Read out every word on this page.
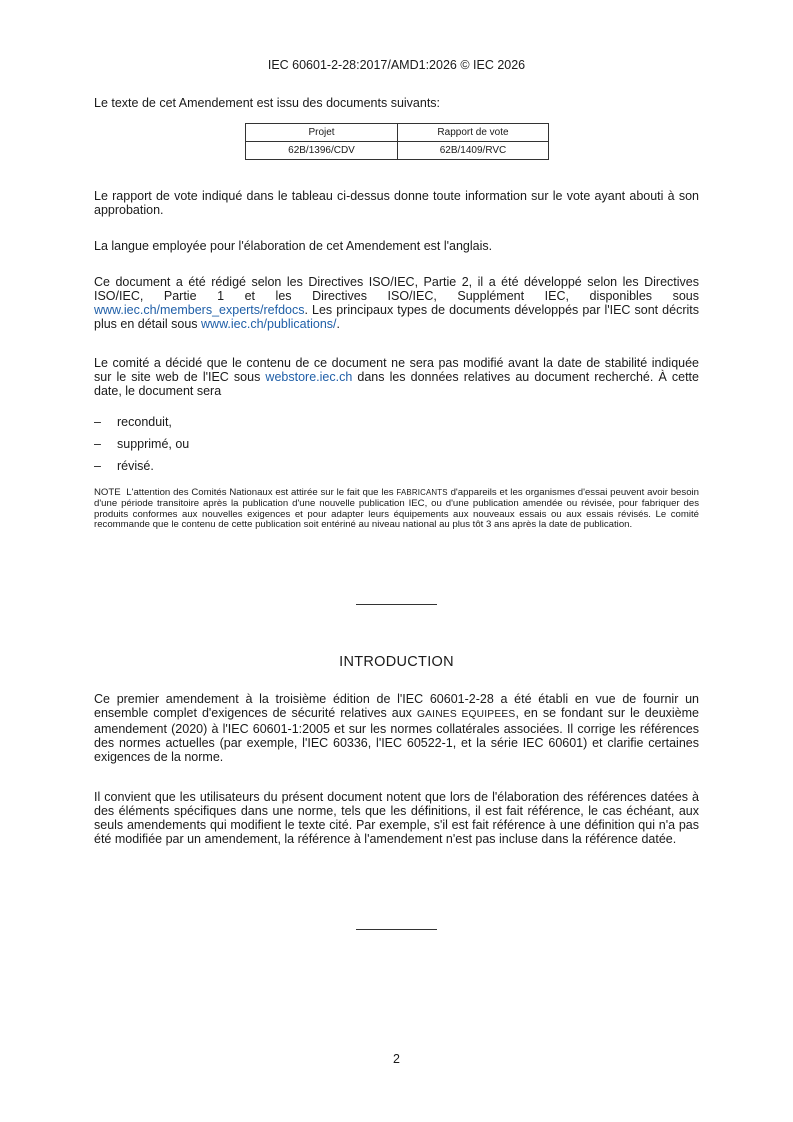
IEC 60601-2-28:2017/AMD1:2026 © IEC 2026

Le texte de cet Amendement est issu des documents suivants:

Projet	Rapport de vote
62B/1396/CDV	62B/1409/RVC

Le rapport de vote indiqué dans le tableau ci-dessus donne toute information sur le vote ayant abouti à son approbation.

La langue employée pour l'élaboration de cet Amendement est l'anglais.

Ce document a été rédigé selon les Directives ISO/IEC, Partie 2, il a été développé selon les Directives ISO/IEC, Partie 1 et les Directives ISO/IEC, Supplément IEC, disponibles sous www.iec.ch/members_experts/refdocs. Les principaux types de documents développés par l'IEC sont décrits plus en détail sous www.iec.ch/publications/.

Le comité a décidé que le contenu de ce document ne sera pas modifié avant la date de stabilité indiquée sur le site web de l'IEC sous webstore.iec.ch dans les données relatives au document recherché. À cette date, le document sera

–	reconduit,
–	supprimé, ou
–	révisé.
NOTE L'attention des Comités Nationaux est attirée sur le fait que les FABRICANTS d'appareils et les organismes d'essai peuvent avoir besoin d'une période transitoire après la publication d'une nouvelle publication IEC, ou d'une publication amendée ou révisée, pour fabriquer des produits conformes aux nouvelles exigences et pour adapter leurs équipements aux nouveaux essais ou aux essais révisés. Le comité recommande que le contenu de cette publication soit entériné au niveau national au plus tôt 3 ans après la date de publication.
INTRODUCTION

Ce premier amendement à la troisième édition de l'IEC 60601-2-28 a été établi en vue de fournir un ensemble complet d'exigences de sécurité relatives aux GAINES EQUIPEES, en se fondant sur le deuxième amendement (2020) à l'IEC 60601-1:2005 et sur les normes collatérales associées. Il corrige les références des normes actuelles (par exemple, l'IEC 60336, l'IEC 60522-1, et la série IEC 60601) et clarifie certaines exigences de la norme.

Il convient que les utilisateurs du présent document notent que lors de l'élaboration des références datées à des éléments spécifiques dans une norme, tels que les définitions, il est fait référence, le cas échéant, aux seuls amendements qui modifient le texte cité. Par exemple, s'il est fait référence à une définition qui n'a pas été modifiée par un amendement, la référence à l'amendement n'est pas incluse dans la référence datée.

2
